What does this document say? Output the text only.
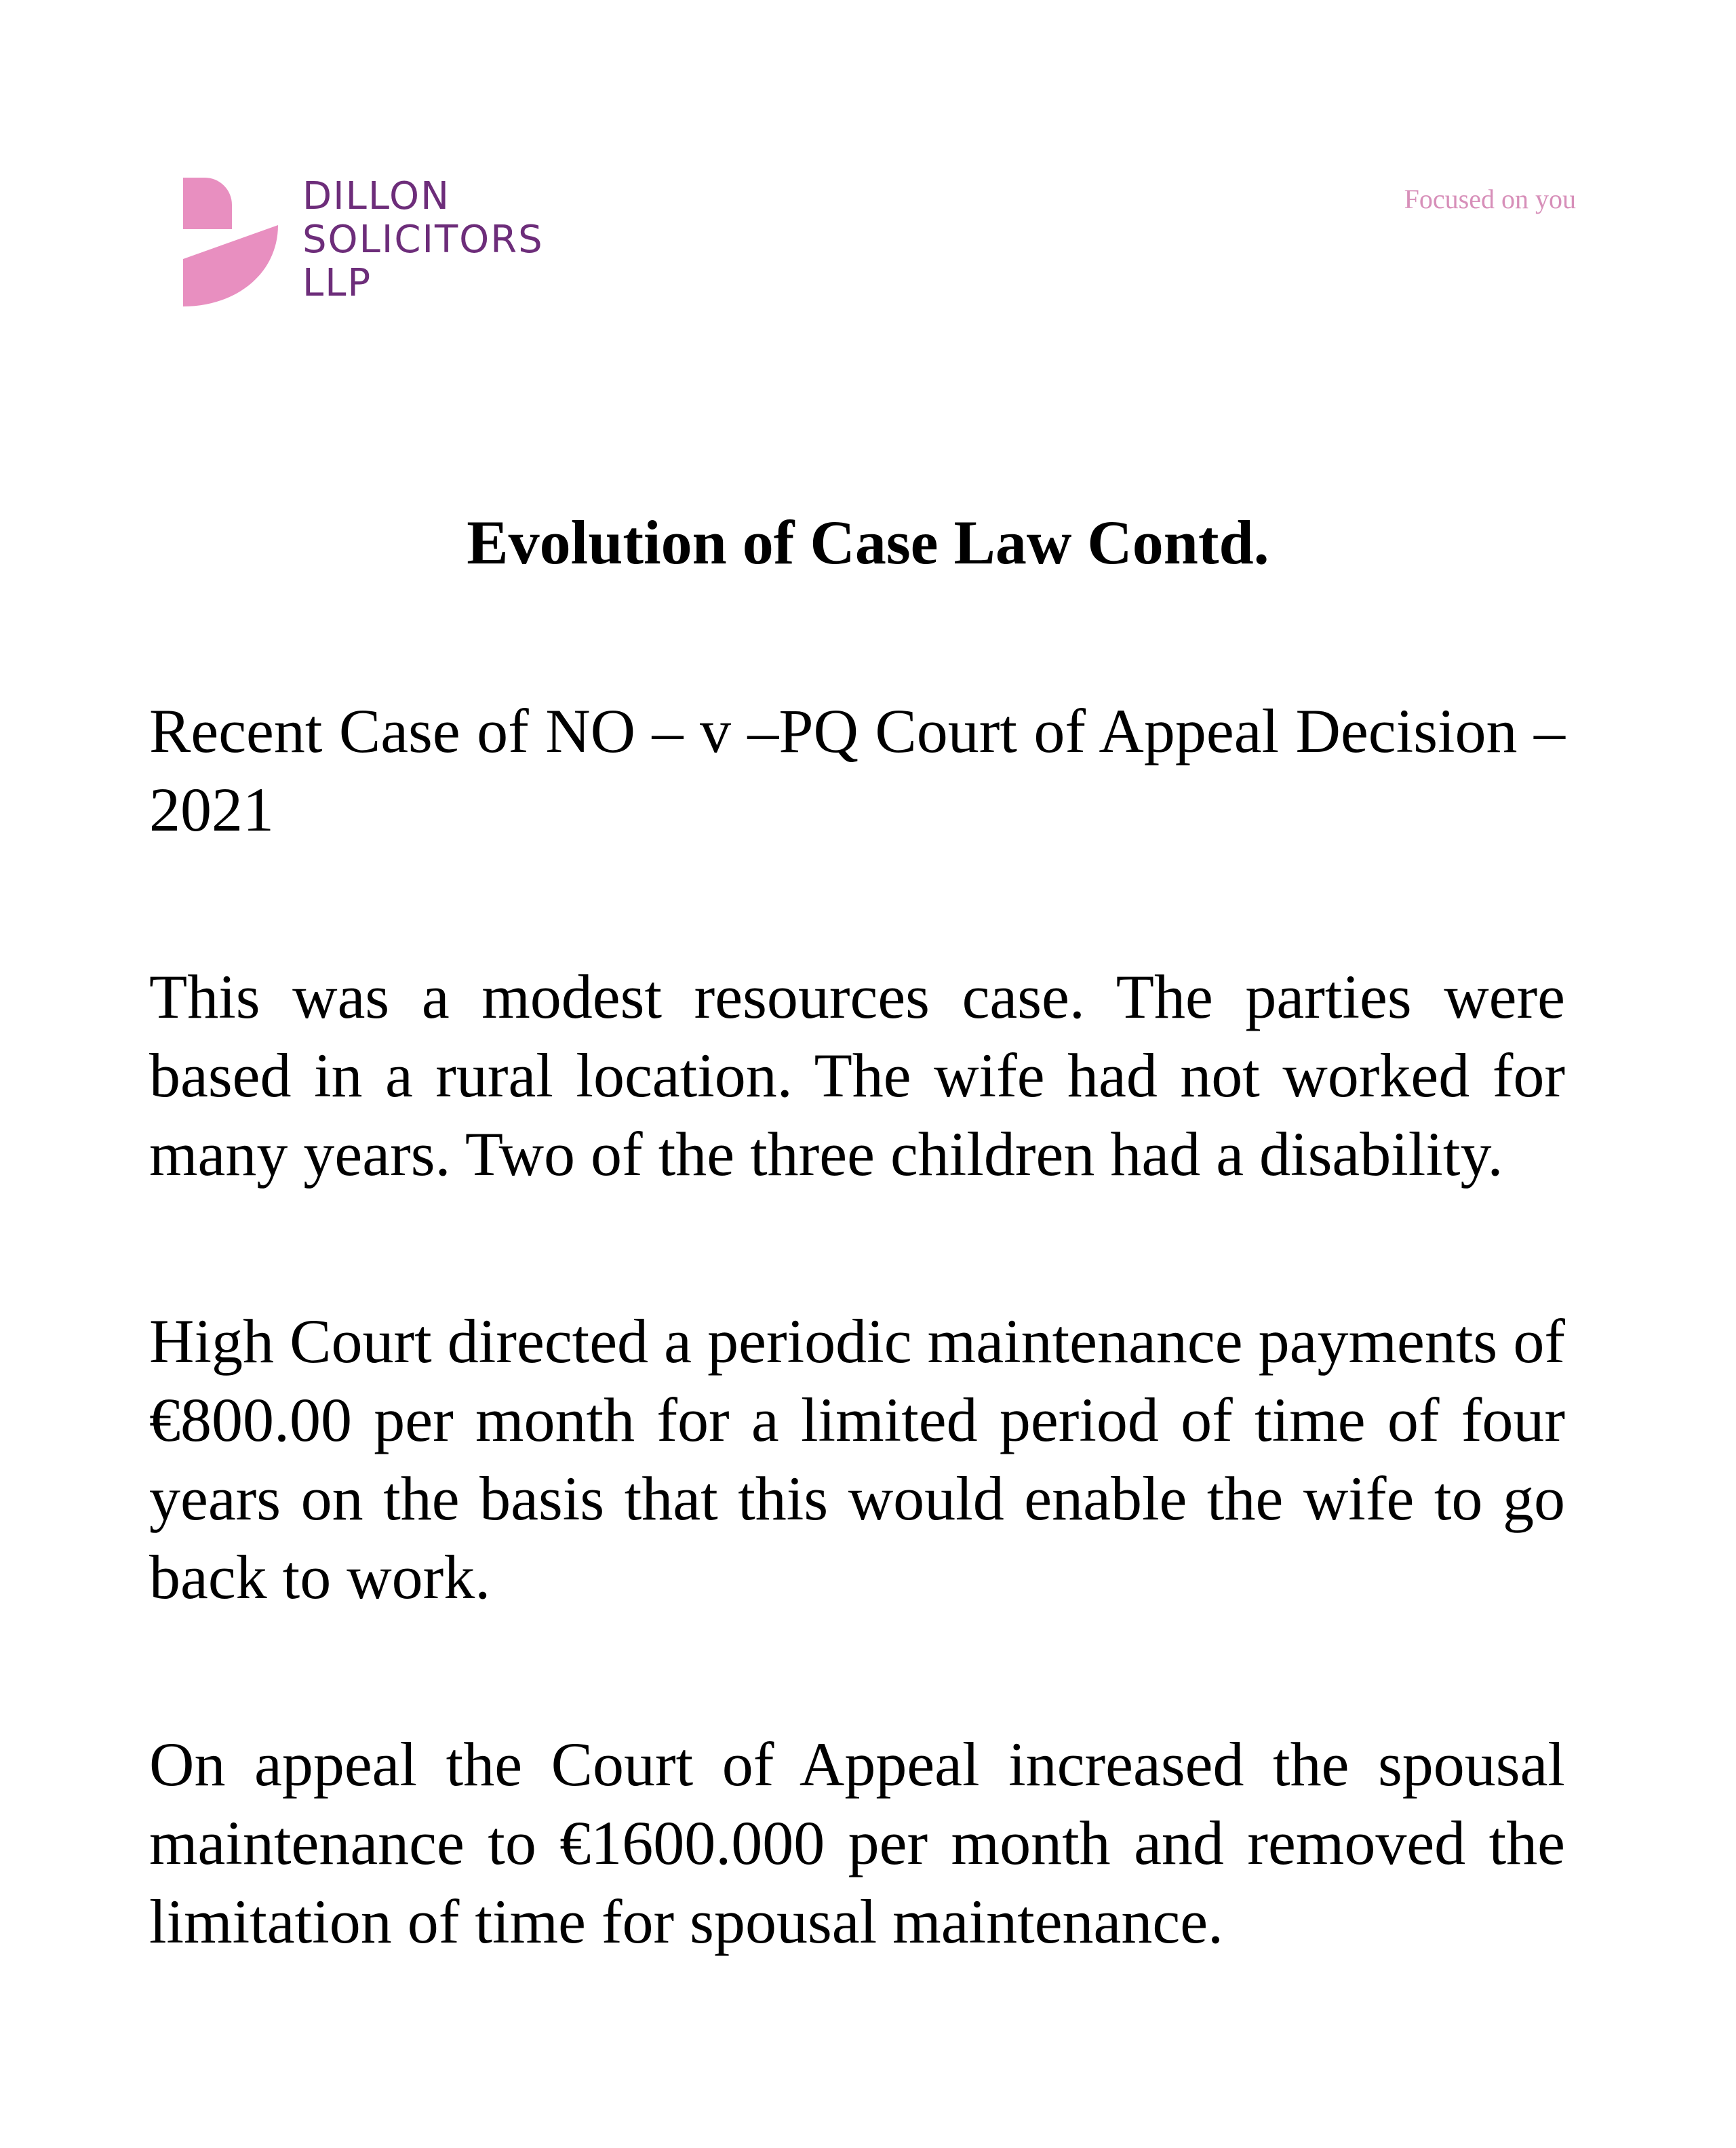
DILLON
SOLICITORS
LLP
Focused on you
Evolution of Case Law Contd.

Recent Case of NO – v –PQ Court of Appeal Decision – 2021

This was a modest resources case. The parties were based in a rural location. The wife had not worked for many years. Two of the three children had a disability.

High Court directed a periodic maintenance payments of €800.00 per month for a limited period of time of four years on the basis that this would enable the wife to go back to work.

On appeal the Court of Appeal increased the spousal maintenance to €1600.000 per month and removed the limitation of time for spousal maintenance.
